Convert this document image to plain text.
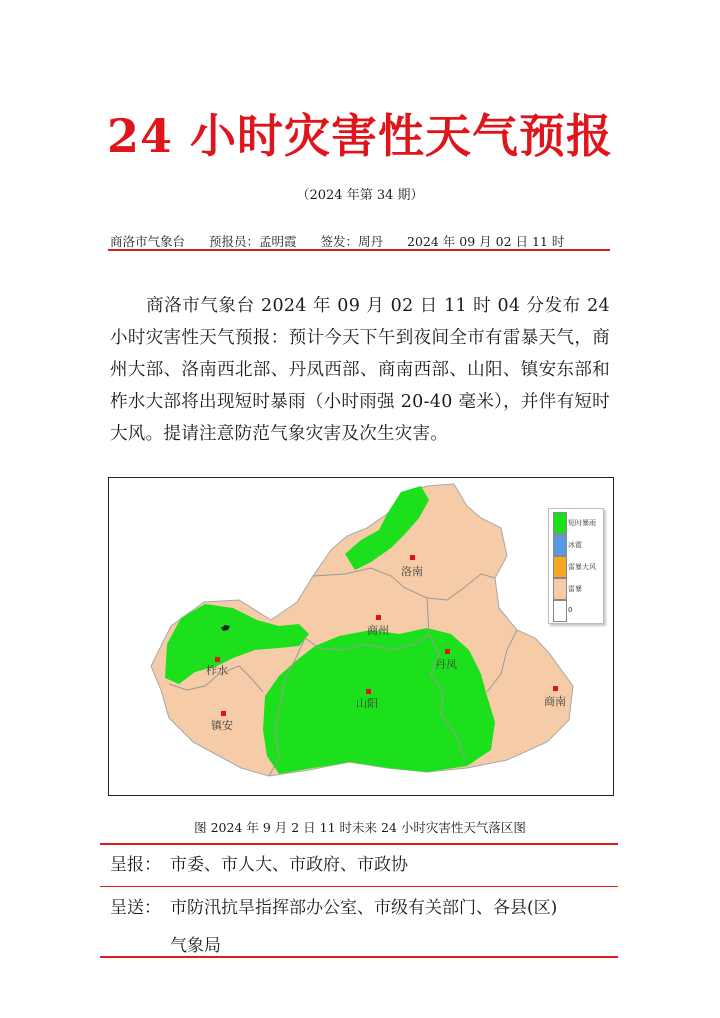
24 小时灾害性天气预报
（2024 年第 34 期）
商洛市气象台 预报员：孟明霞 签发：周丹 2024 年 09 月 02 日 11 时
商洛市气象台 2024 年 09 月 02 日 11 时 04 分发布 24 小时灾害性天气预报：预计今天下午到夜间全市有雷暴天气，商州大部、洛南西北部、丹凤西部、商南西部、山阳、镇安东部和柞水大部将出现短时暴雨（小时雨强 20-40 毫米），并伴有短时大风。提请注意防范气象灾害及次生灾害。
短时暴雨
冰雹
雷暴大风
雷暴
0
洛南
商州
柞水	丹凤
山阳	商南
镇安
图 2024 年 9 月 2 日 11 时未来 24 小时灾害性天气落区图
呈报： 市委、市人大、市政府、市政协
呈送： 市防汛抗旱指挥部办公室、市级有关部门、各县(区)
气象局
